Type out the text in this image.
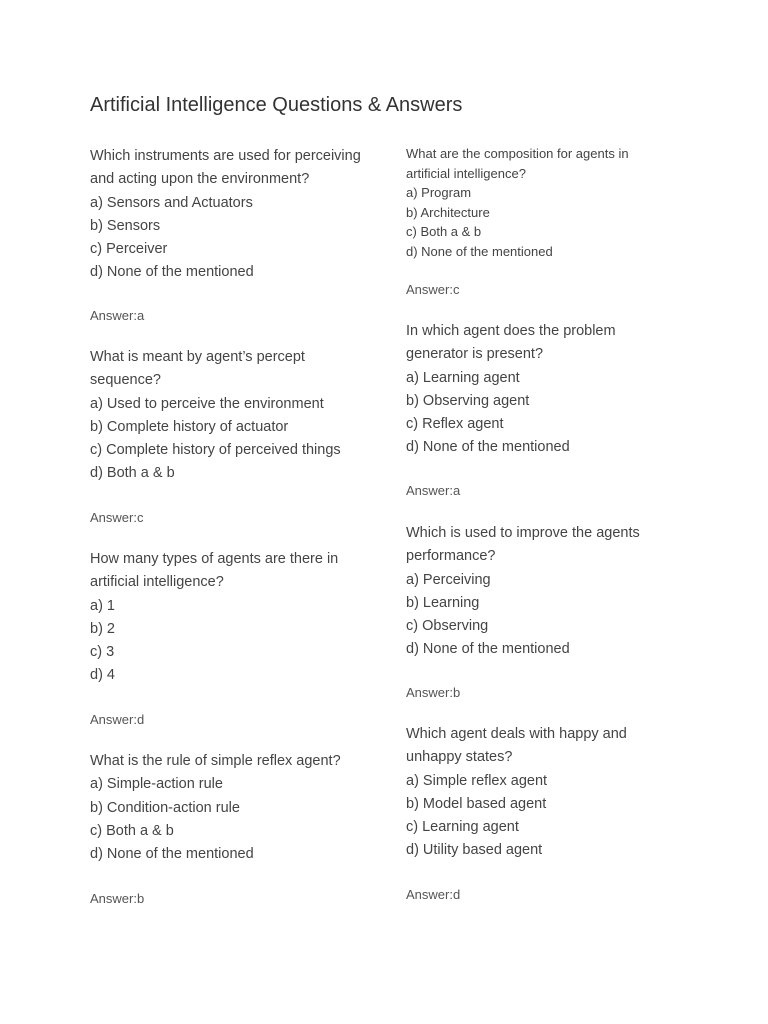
Artificial Intelligence Questions & Answers
Which instruments are used for perceiving and acting upon the environment?
a) Sensors and Actuators
b) Sensors
c) Perceiver
d) None of the mentioned
Answer:a
What is meant by agent’s percept sequence?
a) Used to perceive the environment
b) Complete history of actuator
c) Complete history of perceived things
d) Both a & b
Answer:c
How many types of agents are there in artificial intelligence?
a) 1
b) 2
c) 3
d) 4
Answer:d
What is the rule of simple reflex agent?
a) Simple-action rule
b) Condition-action rule
c) Both a & b
d) None of the mentioned
Answer:b
What are the composition for agents in artificial intelligence?
a) Program
b) Architecture
c) Both a & b
d) None of the mentioned
Answer:c
In which agent does the problem generator is present?
a) Learning agent
b) Observing agent
c) Reflex agent
d) None of the mentioned
Answer:a
Which is used to improve the agents performance?
a) Perceiving
b) Learning
c) Observing
d) None of the mentioned
Answer:b
Which agent deals with happy and unhappy states?
a) Simple reflex agent
b) Model based agent
c) Learning agent
d) Utility based agent
Answer:d
